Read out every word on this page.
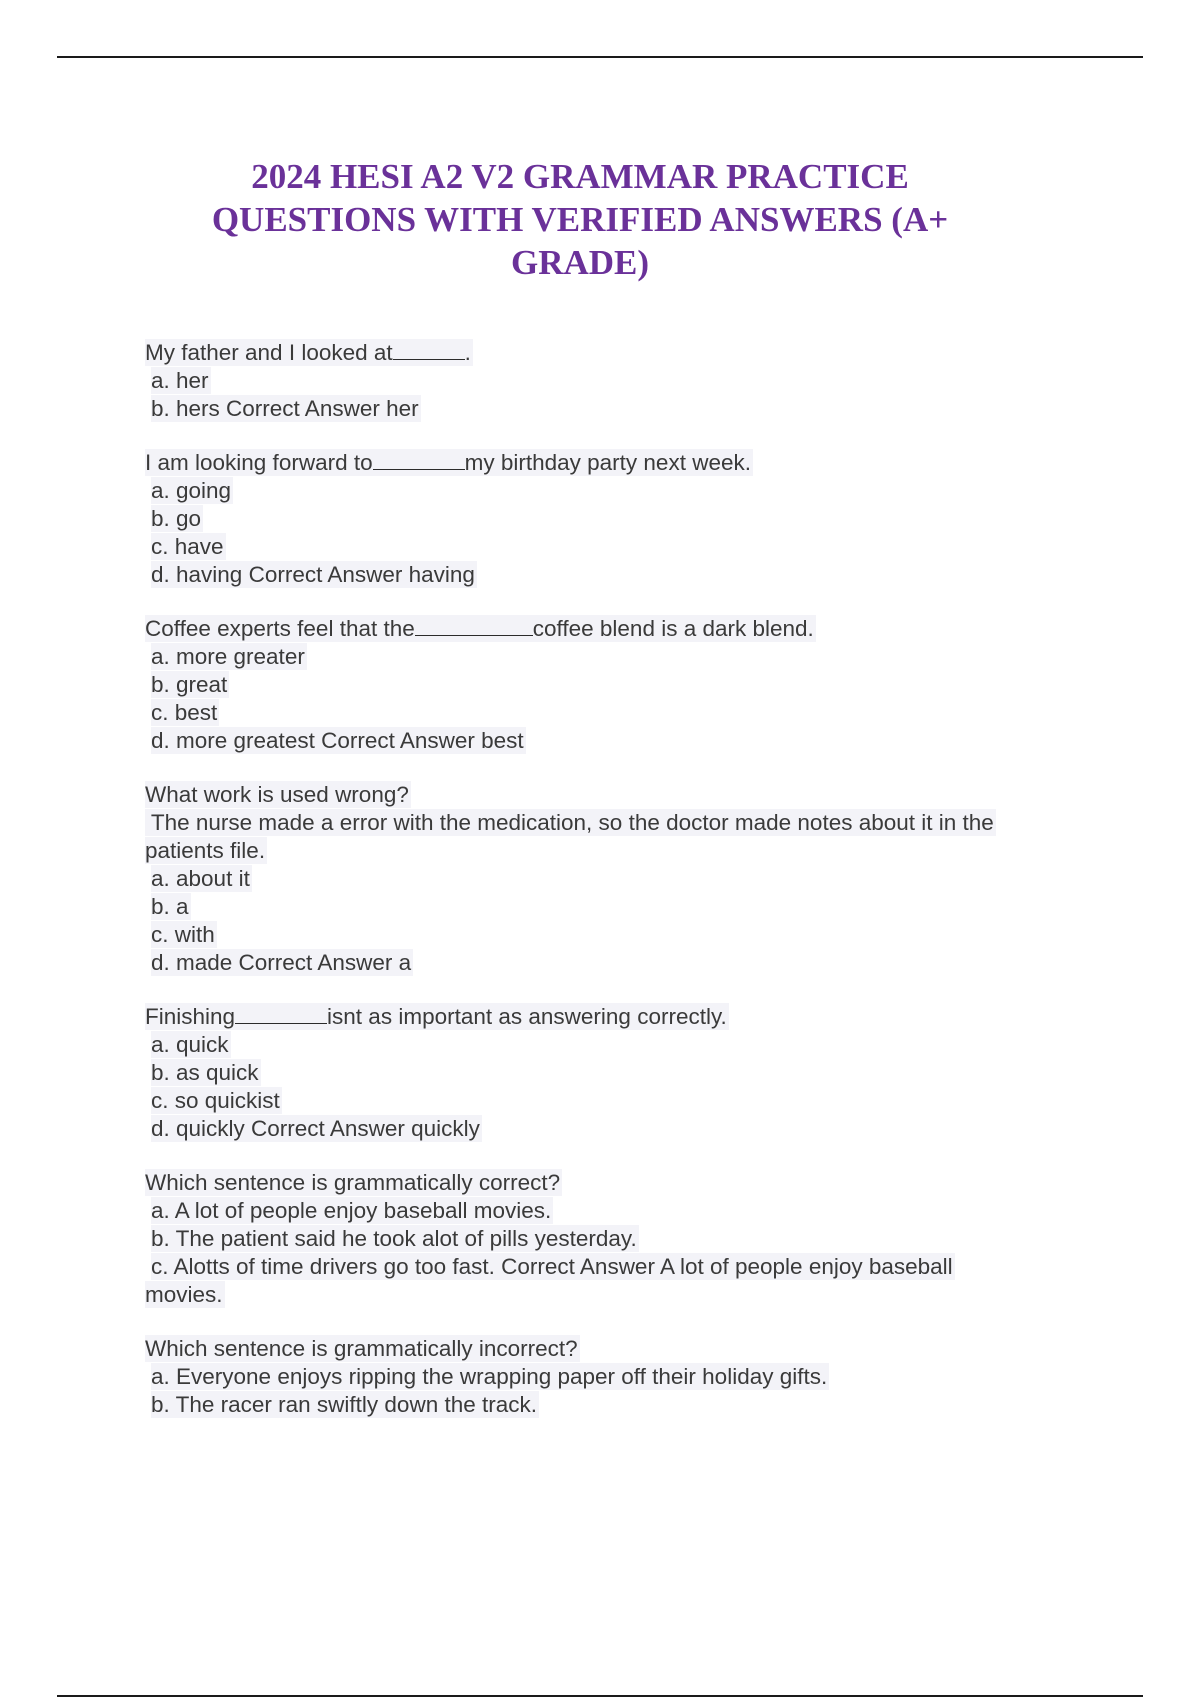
2024 HESI A2 V2 GRAMMAR PRACTICE
QUESTIONS WITH VERIFIED ANSWERS (A+
GRADE)
My father and I looked at	.
a. her
b. hers Correct Answer her
I am looking forward to	my birthday party next week.
a. going
b. go
c. have
d. having Correct Answer having
Coffee experts feel that the	coffee blend is a dark blend.
a. more greater
b. great
c. best
d. more greatest Correct Answer best
What work is used wrong?
The nurse made a error with the medication, so the doctor made notes about it in the
patients file.
a. about it
b. a
c. with
d. made Correct Answer a
Finishing	isnt as important as answering correctly.
a. quick
b. as quick
c. so quickist
d. quickly Correct Answer quickly
Which sentence is grammatically correct?
a. A lot of people enjoy baseball movies.
b. The patient said he took alot of pills yesterday.
c. Alotts of time drivers go too fast. Correct Answer A lot of people enjoy baseball
movies.
Which sentence is grammatically incorrect?
a. Everyone enjoys ripping the wrapping paper off their holiday gifts.
b. The racer ran swiftly down the track.
